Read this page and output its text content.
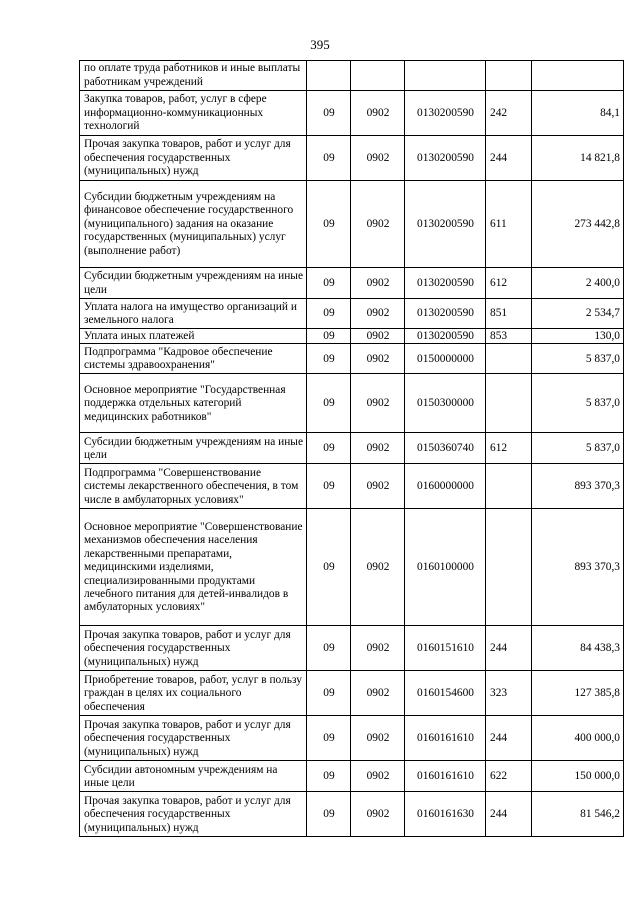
395
по оплате труда работников и иные выплаты работникам учреждений					
Закупка товаров, работ, услуг в сфере информационно-коммуникационных технологий	09	0902	0130200590	242	84,1
Прочая закупка товаров, работ и услуг для обеспечения государственных (муниципальных) нужд	09	0902	0130200590	244	14 821,8
Субсидии бюджетным учреждениям на финансовое обеспечение государственного (муниципального) задания на оказание государственных (муниципальных) услуг (выполнение работ)	09	0902	0130200590	611	273 442,8
Субсидии бюджетным учреждениям на иные цели	09	0902	0130200590	612	2 400,0
Уплата налога на имущество организаций и земельного налога	09	0902	0130200590	851	2 534,7
Уплата иных платежей	09	0902	0130200590	853	130,0
Подпрограмма "Кадровое обеспечение системы здравоохранения"	09	0902	0150000000		5 837,0
Основное мероприятие "Государственная поддержка отдельных категорий медицинских работников"	09	0902	0150300000		5 837,0
Субсидии бюджетным учреждениям на иные цели	09	0902	0150360740	612	5 837,0
Подпрограмма "Совершенствование системы лекарственного обеспечения, в том числе в амбулаторных условиях"	09	0902	0160000000		893 370,3
Основное мероприятие "Совершенствование механизмов обеспечения населения лекарственными препаратами, медицинскими изделиями, специализированными продуктами лечебного питания для детей-инвалидов в амбулаторных условиях"	09	0902	0160100000		893 370,3
Прочая закупка товаров, работ и услуг для обеспечения государственных (муниципальных) нужд	09	0902	0160151610	244	84 438,3
Приобретение товаров, работ, услуг в пользу граждан в целях их социального обеспечения	09	0902	0160154600	323	127 385,8
Прочая закупка товаров, работ и услуг для обеспечения государственных (муниципальных) нужд	09	0902	0160161610	244	400 000,0
Субсидии автономным учреждениям на иные цели	09	0902	0160161610	622	150 000,0
Прочая закупка товаров, работ и услуг для обеспечения государственных (муниципальных) нужд	09	0902	0160161630	244	81 546,2
